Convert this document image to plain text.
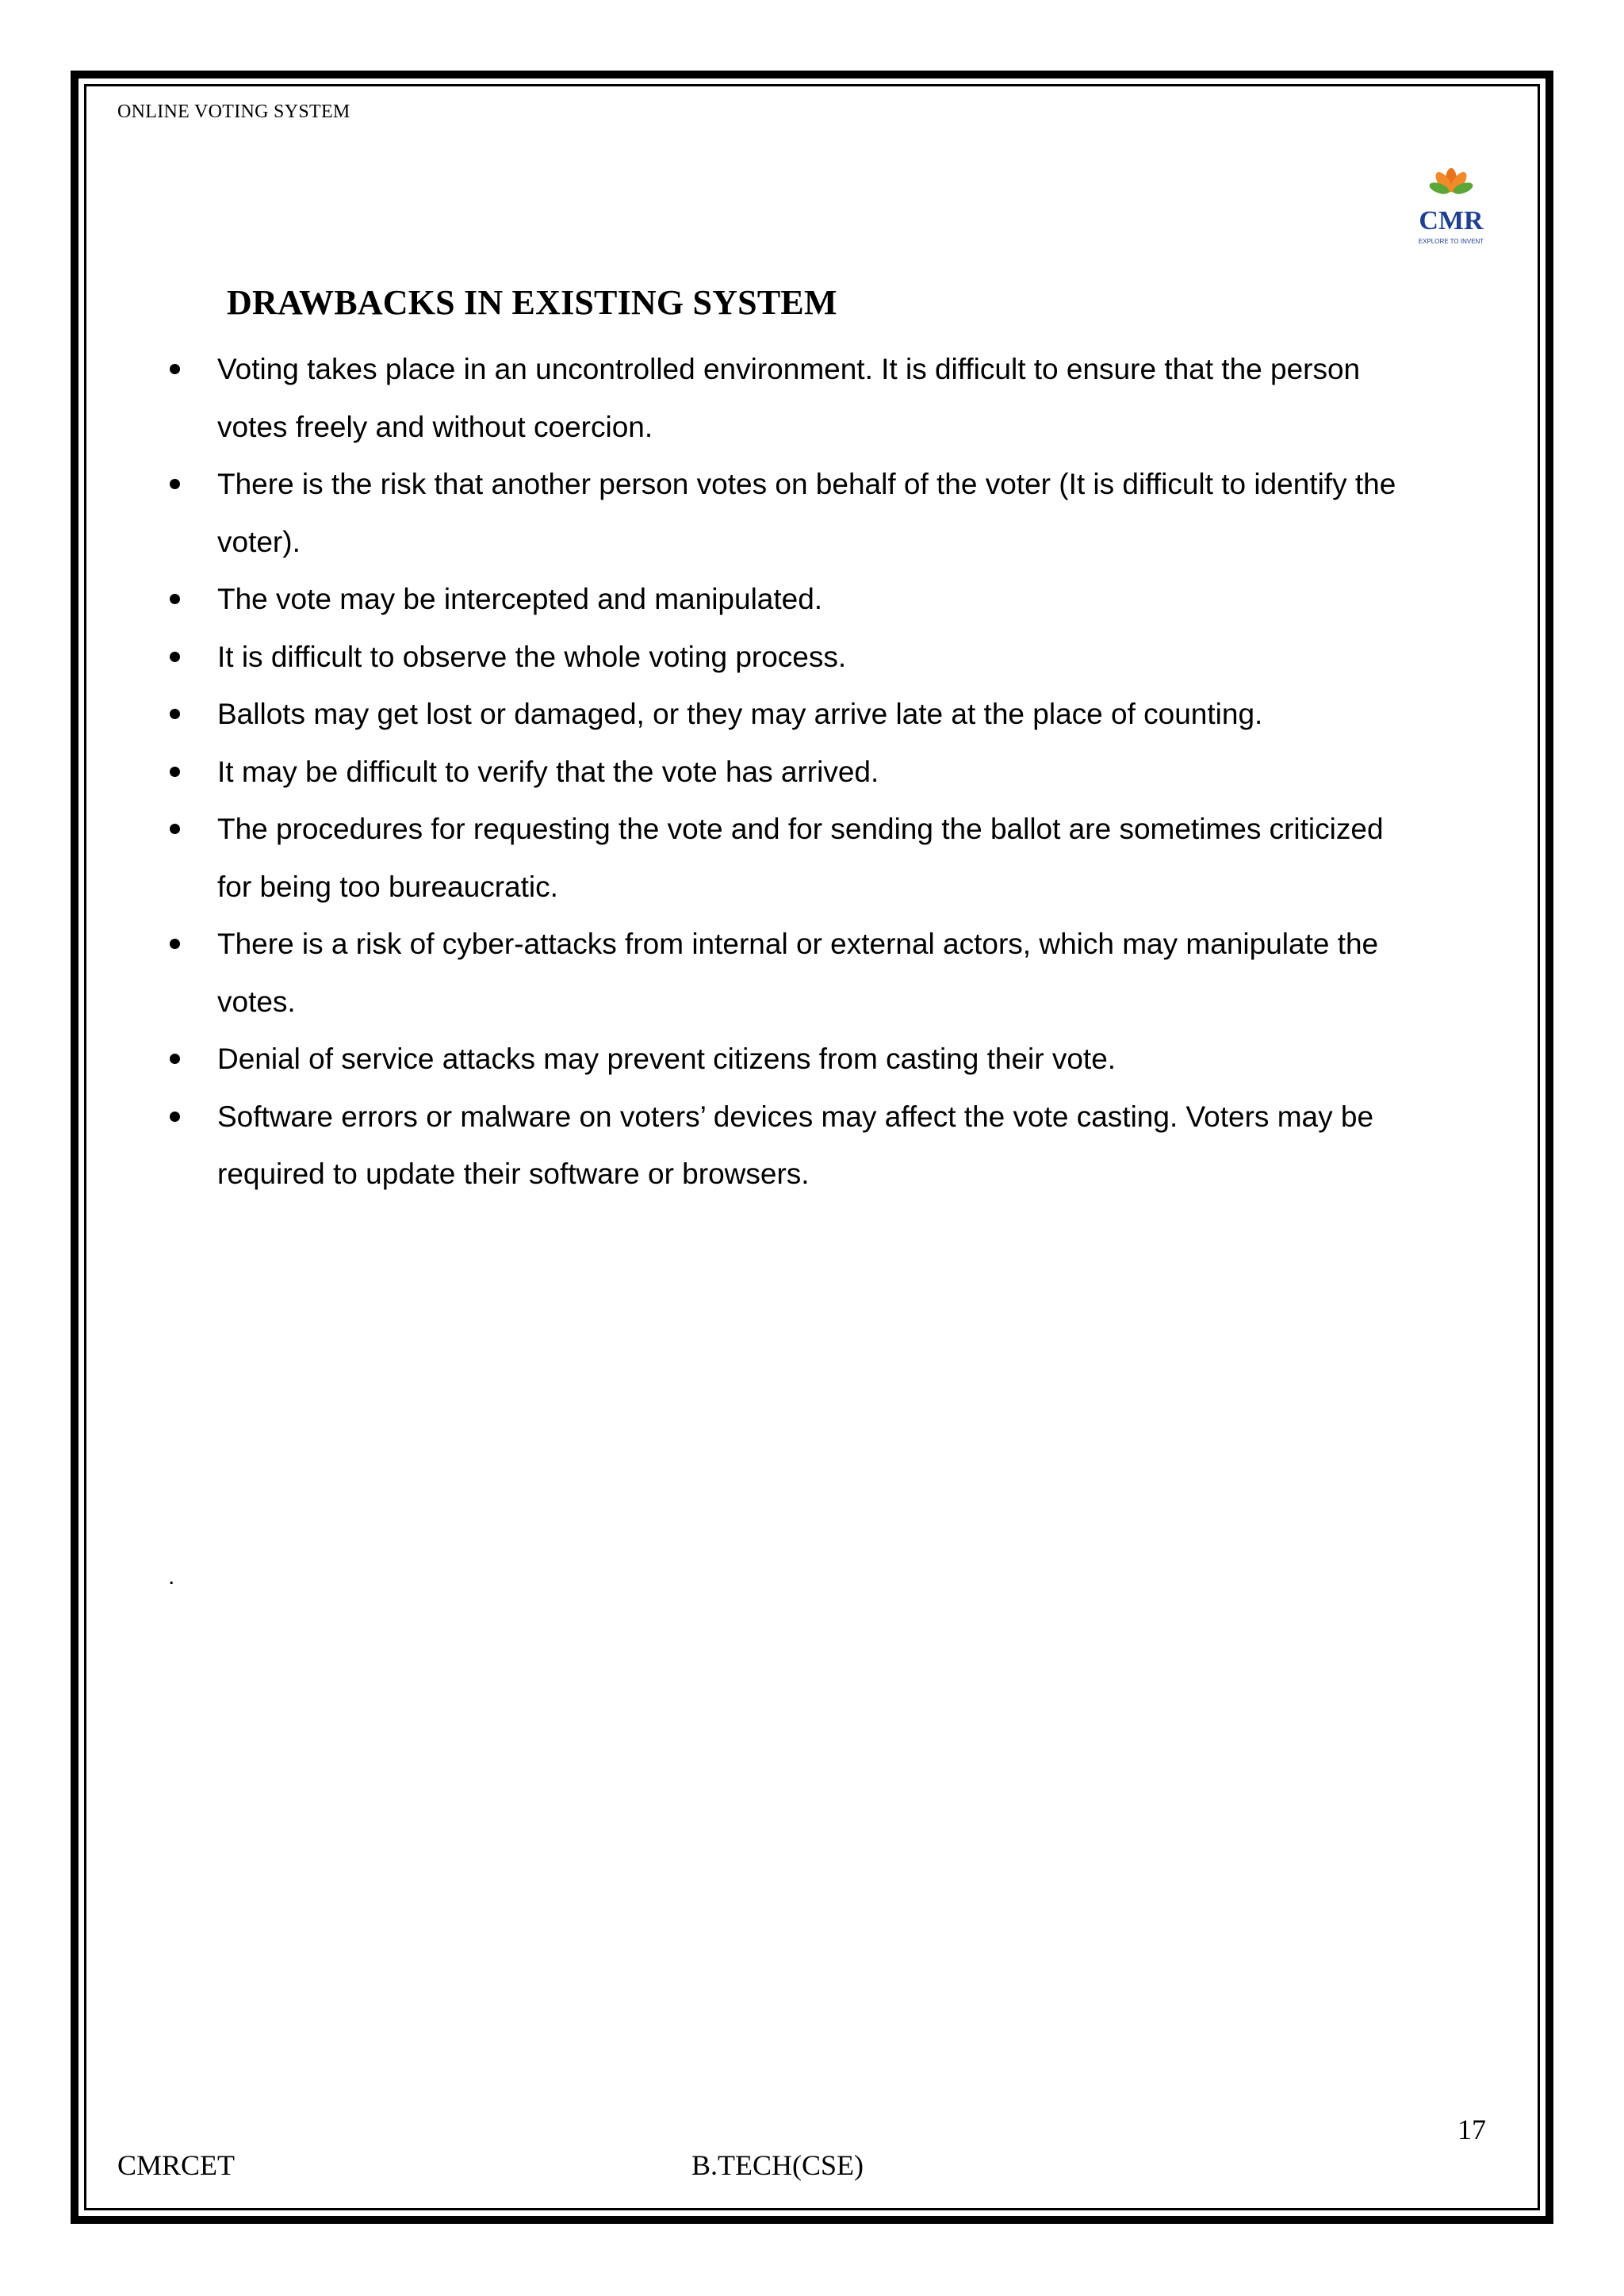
ONLINE VOTING SYSTEM
CMR
EXPLORE TO INVENT
DRAWBACKS IN EXISTING SYSTEM
Voting takes place in an uncontrolled environment. It is difficult to ensure that the person votes freely and without coercion.
There is the risk that another person votes on behalf of the voter (It is difficult to identify the voter).
The vote may be intercepted and manipulated.
It is difficult to observe the whole voting process.
Ballots may get lost or damaged, or they may arrive late at the place of counting.
It may be difficult to verify that the vote has arrived.
The procedures for requesting the vote and for sending the ballot are sometimes criticized for being too bureaucratic.
There is a risk of cyber-attacks from internal or external actors, which may manipulate the votes.
Denial of service attacks may prevent citizens from casting their vote.
Software errors or malware on voters’ devices may affect the vote casting. Voters may be required to update their software or browsers.
.
17
CMRCET	B.TECH(CSE)
